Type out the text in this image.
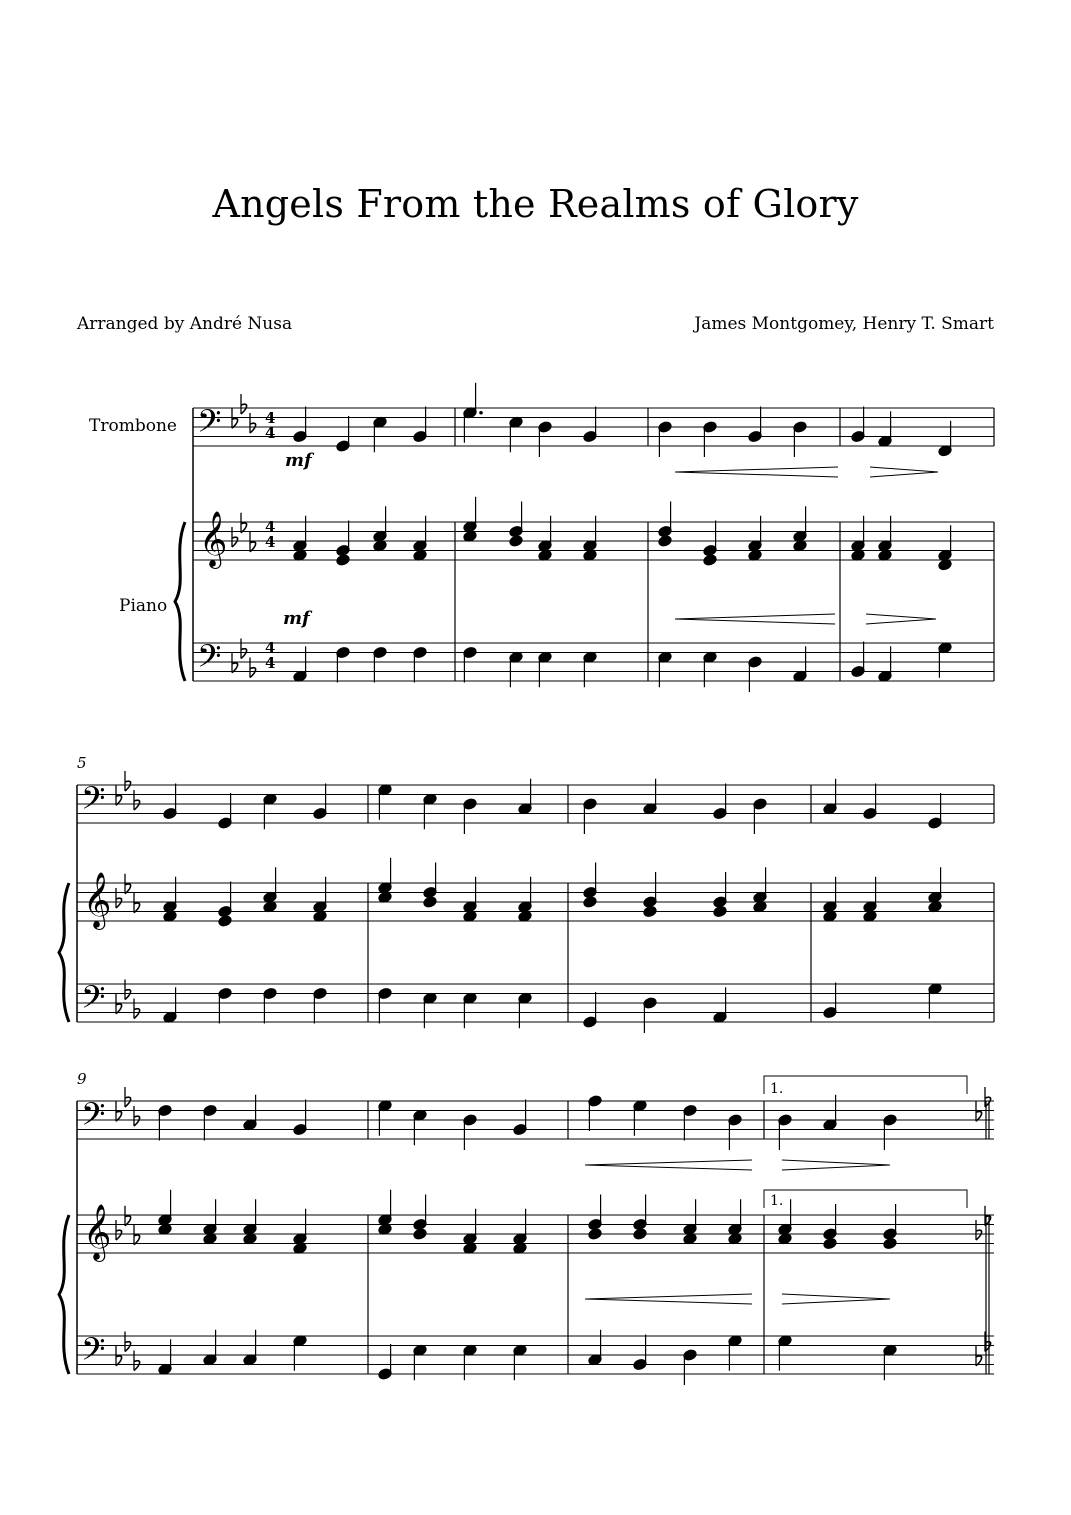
Angels From the Realms of Glory
Arranged by André Nusa	James Montgomey, Henry T. Smart
Trombone
Piano
𝄢
𝄞
𝄢
𝄢
𝄞
𝄢
𝄢
𝄞
𝄢
5
9
mf
mf
1.
1.
4
4
4
4
4
4
